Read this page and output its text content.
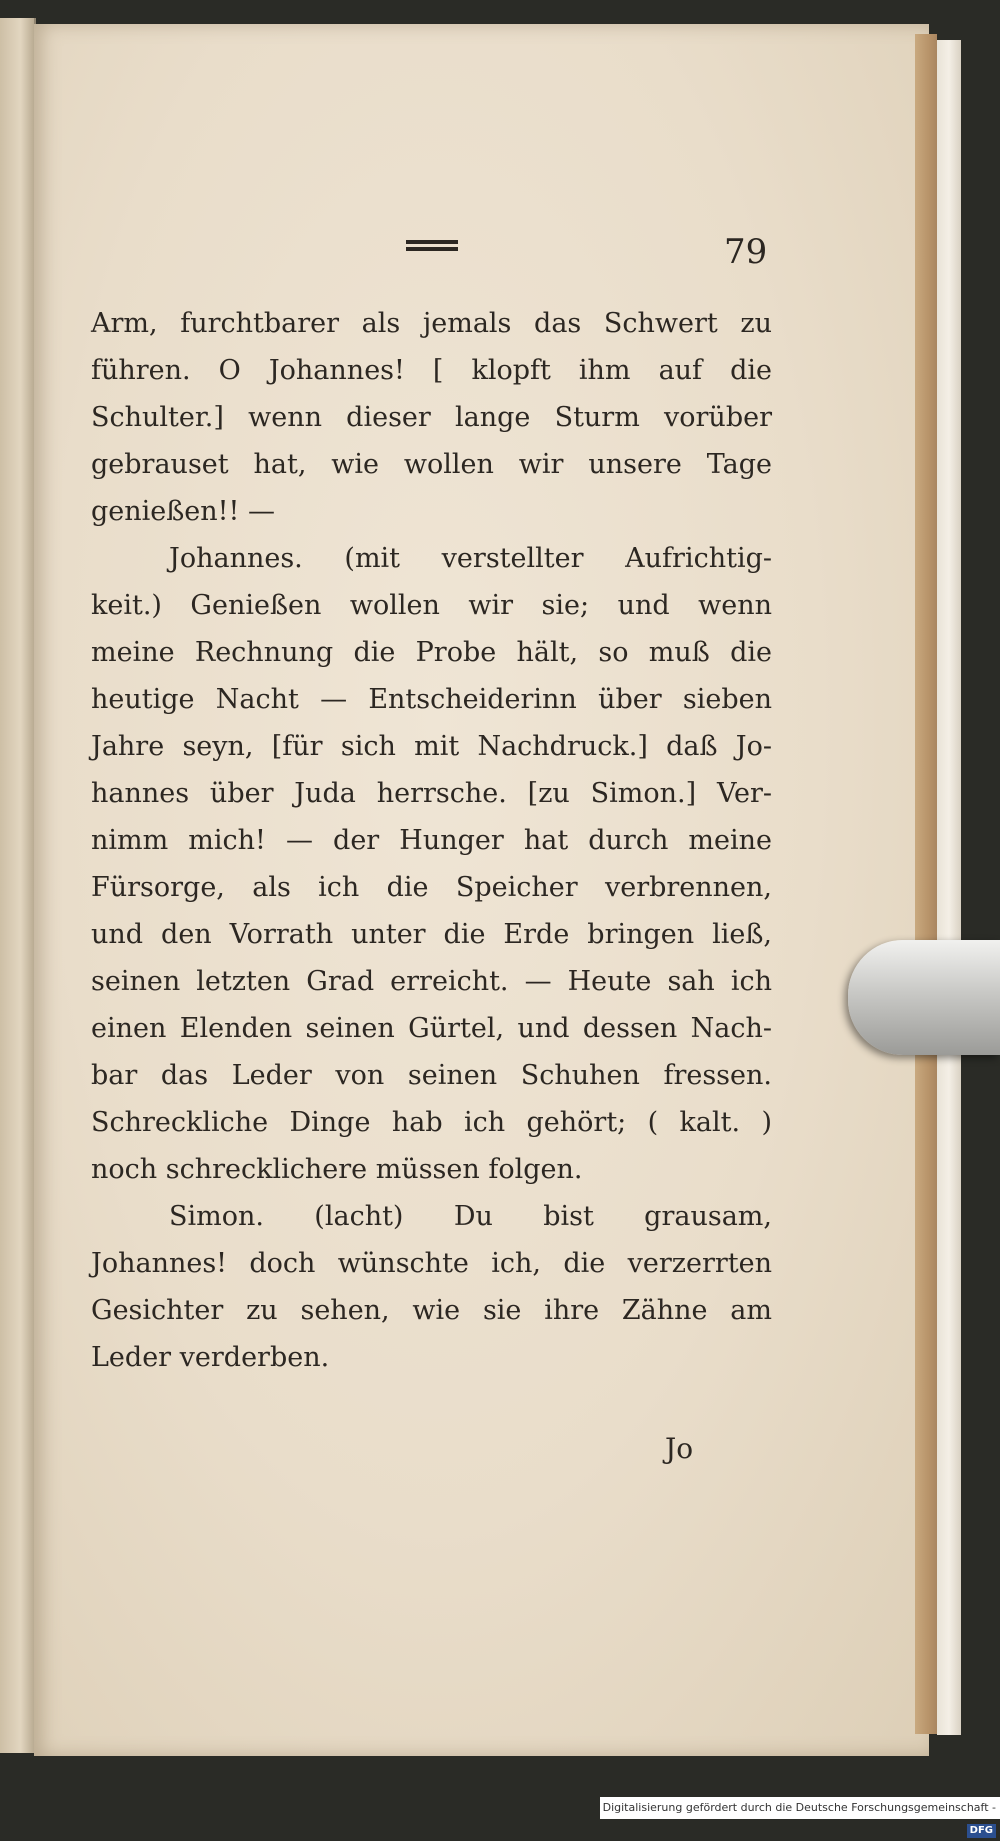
79
Arm, furchtbarer als jemals das Schwert zu
führen. O Johannes! [ klopft ihm auf die
Schulter.] wenn dieser lange Sturm vorüber
gebrauset hat, wie wollen wir unsere Tage
genießen!! —
Johannes. (mit verstellter Aufrichtig-
keit.) Genießen wollen wir sie; und wenn
meine Rechnung die Probe hält, so muß die
heutige Nacht — Entscheiderinn über sieben
Jahre seyn, [für sich mit Nachdruck.] daß Jo-
hannes über Juda herrsche. [zu Simon.] Ver-
nimm mich! — der Hunger hat durch meine
Fürsorge, als ich die Speicher verbrennen,
und den Vorrath unter die Erde bringen ließ,
seinen letzten Grad erreicht. — Heute sah ich
einen Elenden seinen Gürtel, und dessen Nach-
bar das Leder von seinen Schuhen fressen.
Schreckliche Dinge hab ich gehört; ( kalt. )
noch schrecklichere müssen folgen.
Simon. (lacht) Du bist grausam,
Johannes! doch wünschte ich, die verzerrten
Gesichter zu sehen, wie sie ihre Zähne am
Leder verderben.
Jo
Digitalisierung gefördert durch die Deutsche Forschungsgemeinschaft -DFG
